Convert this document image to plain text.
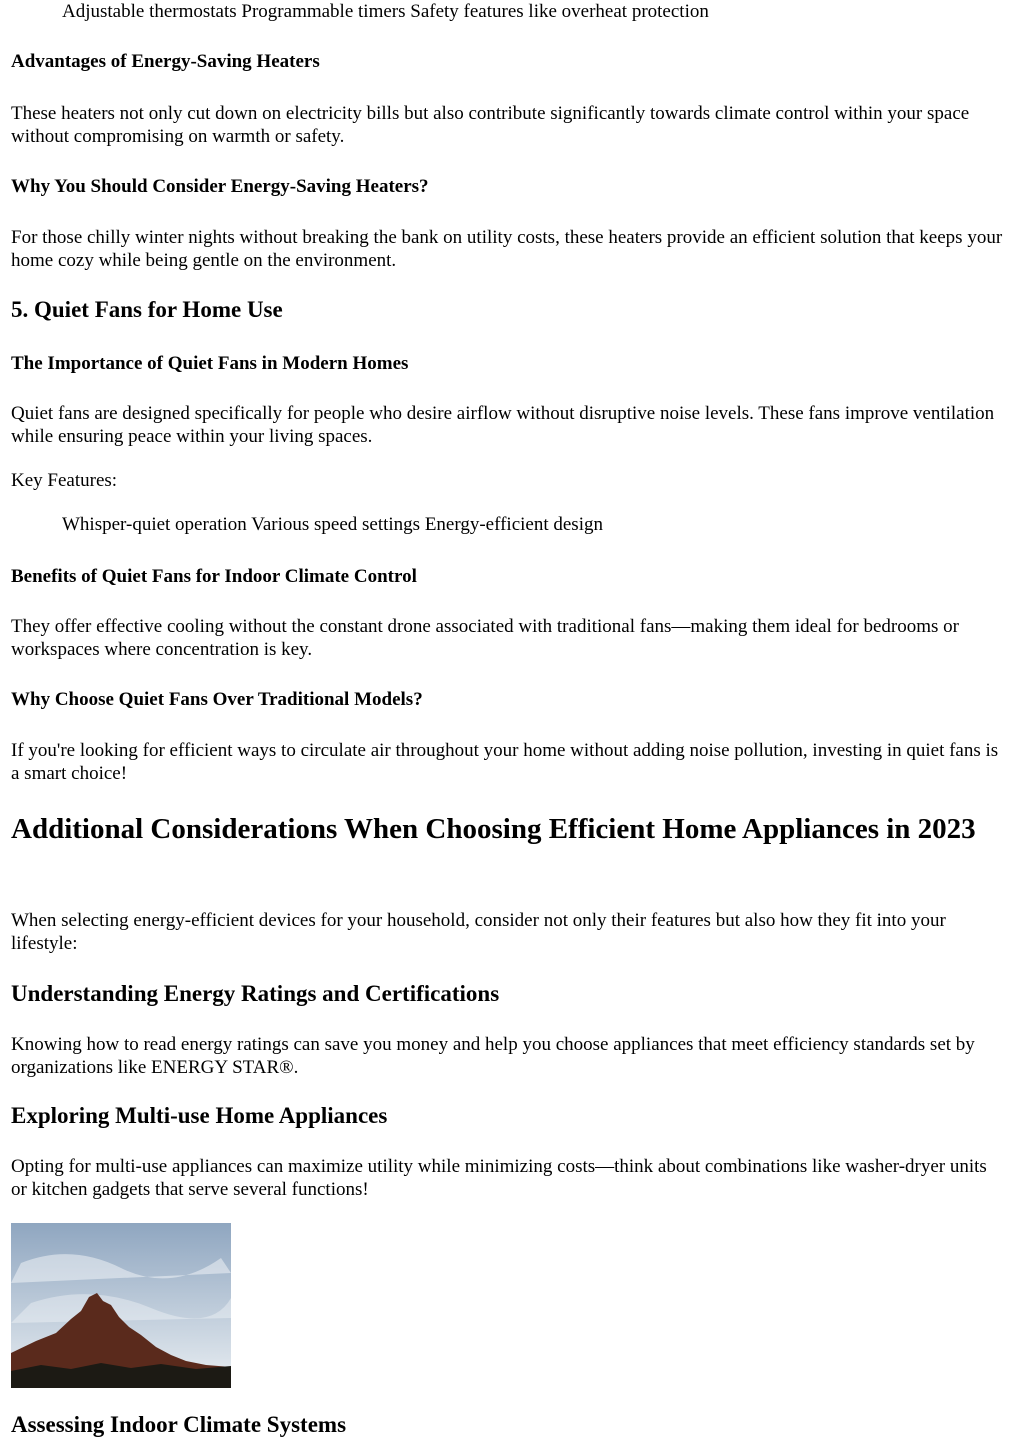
Adjustable thermostats Programmable timers Safety features like overheat protection

Advantages of Energy-Saving Heaters

These heaters not only cut down on electricity bills but also contribute significantly towards climate control within your space without compromising on warmth or safety.

Why You Should Consider Energy-Saving Heaters?

For those chilly winter nights without breaking the bank on utility costs, these heaters provide an efficient solution that keeps your home cozy while being gentle on the environment.

5. Quiet Fans for Home Use
The Importance of Quiet Fans in Modern Homes

Quiet fans are designed specifically for people who desire airflow without disruptive noise levels. These fans improve ventilation while ensuring peace within your living spaces.

Key Features:

Whisper-quiet operation Various speed settings Energy-efficient design

Benefits of Quiet Fans for Indoor Climate Control

They offer effective cooling without the constant drone associated with traditional fans—making them ideal for bedrooms or workspaces where concentration is key.

Why Choose Quiet Fans Over Traditional Models?

If you're looking for efficient ways to circulate air throughout your home without adding noise pollution, investing in quiet fans is a smart choice!

Additional Considerations When Choosing Efficient Home Appliances in 2023

When selecting energy-efficient devices for your household, consider not only their features but also how they fit into your lifestyle:

Understanding Energy Ratings and Certifications

Knowing how to read energy ratings can save you money and help you choose appliances that meet efficiency standards set by organizations like ENERGY STAR®.

Exploring Multi-use Home Appliances

Opting for multi-use appliances can maximize utility while minimizing costs—think about combinations like washer-dryer units or kitchen gadgets that serve several functions!

Assessing Indoor Climate Systems
